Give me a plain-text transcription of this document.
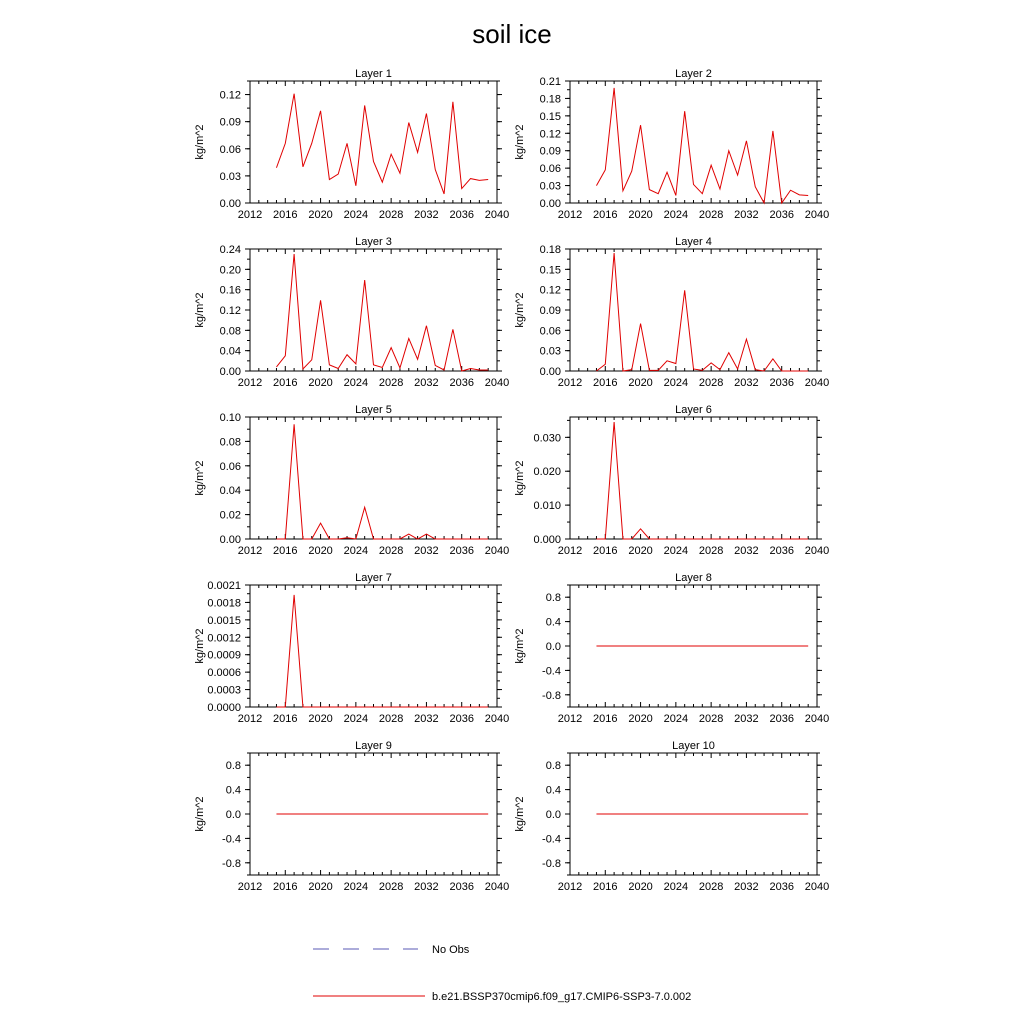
soil ice
Layer 1
kg/m^2
2012 2016 2020 2024 2028 2032 2036 2040
0.00
0.03
0.06
0.09
0.12
Layer 2
kg/m^2
2012 2016 2020 2024 2028 2032 2036 2040
0.00
0.03
0.06
0.09
0.12
0.15
0.18
0.21
Layer 3
kg/m^2
2012 2016 2020 2024 2028 2032 2036 2040
0.00
0.04
0.08
0.12
0.16
0.20
0.24
Layer 4
kg/m^2
2012 2016 2020 2024 2028 2032 2036 2040
0.00
0.03
0.06
0.09
0.12
0.15
0.18
Layer 5
kg/m^2
2012 2016 2020 2024 2028 2032 2036 2040
0.00
0.02
0.04
0.06
0.08
0.10
Layer 6
kg/m^2
2012 2016 2020 2024 2028 2032 2036 2040
0.000
0.010
0.020
0.030
Layer 7
kg/m^2
2012 2016 2020 2024 2028 2032 2036 2040
0.0000
0.0003
0.0006
0.0009
0.0012
0.0015
0.0018
0.0021
Layer 8
kg/m^2
2012 2016 2020 2024 2028 2032 2036 2040
-0.8
-0.4
0.0
0.4
0.8
Layer 9
kg/m^2
2012 2016 2020 2024 2028 2032 2036 2040
-0.8
-0.4
0.0
0.4
0.8
Layer 10
kg/m^2
2012 2016 2020 2024 2028 2032 2036 2040
-0.8
-0.4
0.0
0.4
0.8
No Obs
b.e21.BSSP370cmip6.f09_g17.CMIP6-SSP3-7.0.002
